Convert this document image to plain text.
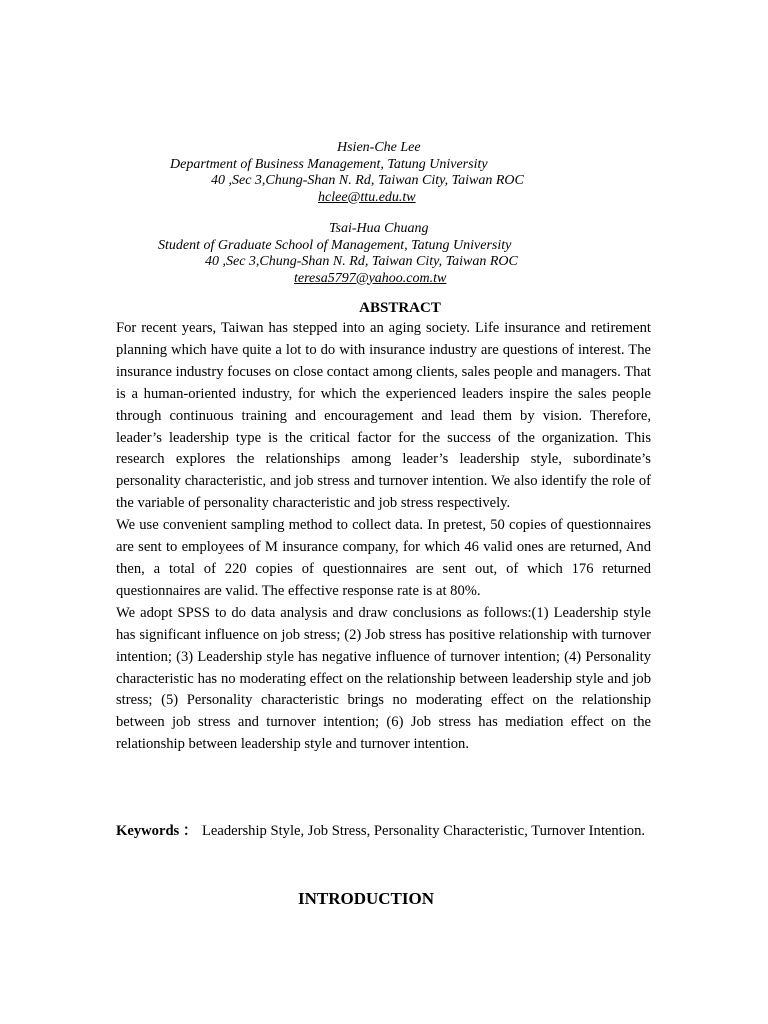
Hsien-Che Lee
Department of Business Management, Tatung University
40 ,Sec 3,Chung-Shan N. Rd, Taiwan City, Taiwan ROC
hclee@ttu.edu.tw
Tsai-Hua Chuang
Student of Graduate School of Management, Tatung University
40 ,Sec 3,Chung-Shan N. Rd, Taiwan City, Taiwan ROC
teresa5797@yahoo.com.tw
ABSTRACT

For recent years, Taiwan has stepped into an aging society. Life insurance and retirement planning which have quite a lot to do with insurance industry are questions of interest. The insurance industry focuses on close contact among clients, sales people and managers. That is a human-oriented industry, for which the experienced leaders inspire the sales people through continuous training and encouragement and lead them by vision. Therefore, leader’s leadership type is the critical factor for the success of the organization. This research explores the relationships among leader’s leadership style, subordinate’s personality characteristic, and job stress and turnover intention. We also identify the role of the variable of personality characteristic and job stress respectively.

We use convenient sampling method to collect data. In pretest, 50 copies of questionnaires are sent to employees of M insurance company, for which 46 valid ones are returned, And then, a total of 220 copies of questionnaires are sent out, of which 176 returned questionnaires are valid. The effective response rate is at 80%.

We adopt SPSS to do data analysis and draw conclusions as follows:(1) Leadership style has significant influence on job stress; (2) Job stress has positive relationship with turnover intention; (3) Leadership style has negative influence of turnover intention; (4) Personality characteristic has no moderating effect on the relationship between leadership style and job stress; (5) Personality characteristic brings no moderating effect on the relationship between job stress and turnover intention; (6) Job stress has mediation effect on the relationship between leadership style and turnover intention.

Keywords ： Leadership Style, Job Stress, Personality Characteristic, Turnover Intention.
INTRODUCTION
